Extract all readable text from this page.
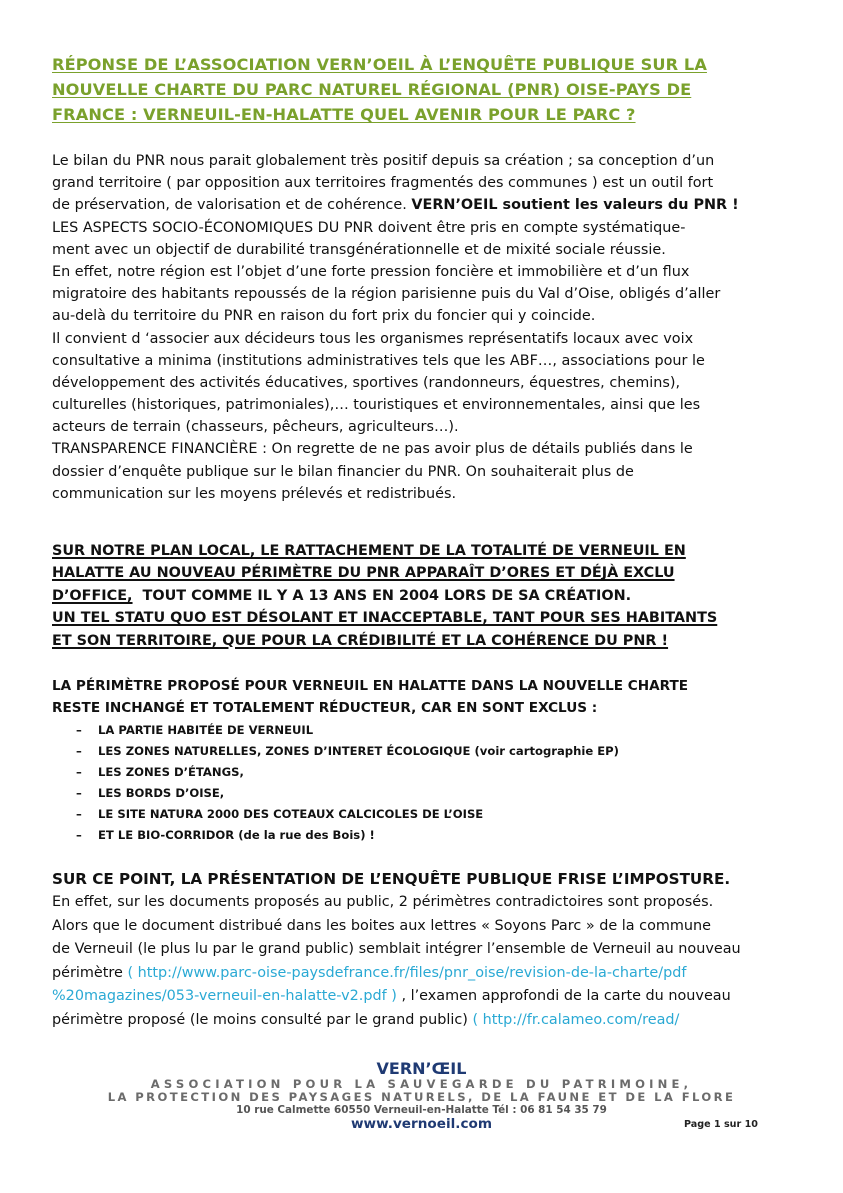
RÉPONSE DE L’ASSOCIATION VERN’OEIL À L’ENQUÊTE PUBLIQUE SUR LA
NOUVELLE CHARTE DU PARC NATUREL RÉGIONAL (PNR) OISE-PAYS DE
FRANCE : VERNEUIL-EN-HALATTE QUEL AVENIR POUR LE PARC ?
Le bilan du PNR nous parait globalement très positif depuis sa création ; sa conception d’un
grand territoire ( par opposition aux territoires fragmentés des communes ) est un outil fort
de préservation, de valorisation et de cohérence. VERN’OEIL soutient les valeurs du PNR !
LES ASPECTS SOCIO-ÉCONOMIQUES DU PNR doivent être pris en compte systématique-
ment avec un objectif de durabilité transgénérationnelle et de mixité sociale réussie.
En effet, notre région est l’objet d’une forte pression foncière et immobilière et d’un flux
migratoire des habitants repoussés de la région parisienne puis du Val d’Oise, obligés d’aller
au-delà du territoire du PNR en raison du fort prix du foncier qui y coincide.
Il convient d ‘associer aux décideurs tous les organismes représentatifs locaux avec voix
consultative a minima (institutions administratives tels que les ABF…, associations pour le
développement des activités éducatives, sportives (randonneurs, équestres, chemins),
culturelles (historiques, patrimoniales),… touristiques et environnementales, ainsi que les
acteurs de terrain (chasseurs, pêcheurs, agriculteurs…).
TRANSPARENCE FINANCIÈRE : On regrette de ne pas avoir plus de détails publiés dans le
dossier d’enquête publique sur le bilan financier du PNR. On souhaiterait plus de
communication sur les moyens prélevés et redistribués.
SUR NOTRE PLAN LOCAL, LE RATTACHEMENT DE LA TOTALITÉ DE VERNEUIL EN
HALATTE AU NOUVEAU PÉRIMÈTRE DU PNR APPARAÎT D’ORES ET DÉJÀ EXCLU
D’OFFICE,  TOUT COMME IL Y A 13 ANS EN 2004 LORS DE SA CRÉATION.
UN TEL STATU QUO EST DÉSOLANT ET INACCEPTABLE, TANT POUR SES HABITANTS
ET SON TERRITOIRE, QUE POUR LA CRÉDIBILITÉ ET LA COHÉRENCE DU PNR !
LA PÉRIMÈTRE PROPOSÉ POUR VERNEUIL EN HALATTE DANS LA NOUVELLE CHARTE
RESTE INCHANGÉ ET TOTALEMENT RÉDUCTEUR, CAR EN SONT EXCLUS :
– LA PARTIE HABITÉE DE VERNEUIL
– LES ZONES NATURELLES, ZONES D’INTERET ÉCOLOGIQUE (voir cartographie EP)
– LES ZONES D’ÉTANGS,
– LES BORDS D’OISE,
– LE SITE NATURA 2000 DES COTEAUX CALCICOLES DE L’OISE
– ET LE BIO-CORRIDOR (de la rue des Bois) !
SUR CE POINT, LA PRÉSENTATION DE L’ENQUÊTE PUBLIQUE FRISE L’IMPOSTURE.
En effet, sur les documents proposés au public, 2 périmètres contradictoires sont proposés.
Alors que le document distribué dans les boites aux lettres « Soyons Parc » de la commune
de Verneuil (le plus lu par le grand public) semblait intégrer l’ensemble de Verneuil au nouveau
périmètre ( http://www.parc-oise-paysdefrance.fr/files/pnr_oise/revision-de-la-charte/pdf
%20magazines/053-verneuil-en-halatte-v2.pdf ) , l’examen approfondi de la carte du nouveau
périmètre proposé (le moins consulté par le grand public) ( http://fr.calameo.com/read/
VERN’ŒIL
ASSOCIATION POUR LA SAUVEGARDE DU PATRIMOINE,
LA PROTECTION DES PAYSAGES NATURELS, DE LA FAUNE ET DE LA FLORE
10 rue Calmette 60550 Verneuil-en-Halatte Tél : 06 81 54 35 79
www.vernoeil.com	Page 1 sur 10
